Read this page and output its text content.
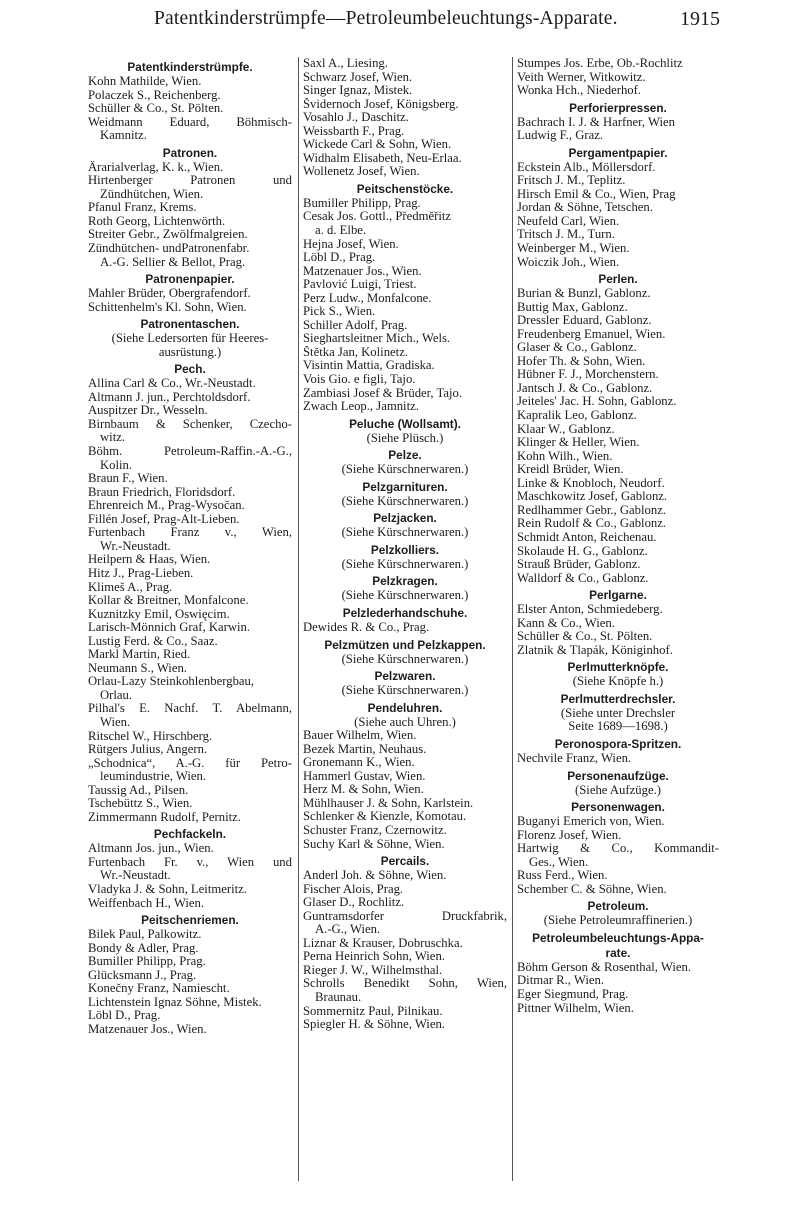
Patentkinderstrümpfe—Petroleumbeleuchtungs-Apparate.	1915
Patentkinderstrümpfe.
Kohn Mathilde, Wien.
Polaczek S., Reichenberg.
Schüller & Co., St. Pölten.
Weidmann Eduard, Böhmisch-
Kamnitz.
Patronen.
Ärarialverlag, K. k., Wien.
Hirtenberger Patronen und
Zündhütchen, Wien.
Pfanul Franz, Krems.
Roth Georg, Lichtenwörth.
Streiter Gebr., Zwölfmalgreien.
Zündhütchen- undPatronenfabr.
A.-G. Sellier & Bellot, Prag.
Patronenpapier.
Mahler Brüder, Obergrafendorf.
Schittenhelm's Kl. Sohn, Wien.
Patronentaschen.
(Siehe Ledersorten für Heeres-
ausrüstung.)
Pech.
Allina Carl & Co., Wr.-Neustadt.
Altmann J. jun., Perchtoldsdorf.
Auspitzer Dr., Wesseln.
Birnbaum & Schenker, Czecho-
witz.
Böhm. Petroleum-Raffin.-A.-G.,
Kolin.
Braun F., Wien.
Braun Friedrich, Floridsdorf.
Ehrenreich M., Prag-Wysočan.
Fillén Josef, Prag-Alt-Lieben.
Furtenbach Franz v., Wien,
Wr.-Neustadt.
Heilpern & Haas, Wien.
Hitz J., Prag-Lieben.
Klimeš A., Prag.
Kollar & Breitner, Monfalcone.
Kuznitzky Emil, Oswięcim.
Larisch-Mönnich Graf, Karwin.
Lustig Ferd. & Co., Saaz.
Markl Martin, Ried.
Neumann S., Wien.
Orlau-Lazy Steinkohlenbergbau,
Orlau.
Pilhal's E. Nachf. T. Abelmann,
Wien.
Ritschel W., Hirschberg.
Rütgers Julius, Angern.
„Schodnica“, A.-G. für Petro-
leumindustrie, Wien.
Taussig Ad., Pilsen.
Tschebüttz S., Wien.
Zimmermann Rudolf, Pernitz.
Pechfackeln.
Altmann Jos. jun., Wien.
Furtenbach Fr. v., Wien und
Wr.-Neustadt.
Vladyka J. & Sohn, Leitmeritz.
Weiffenbach H., Wien.
Peitschenriemen.
Bilek Paul, Palkowitz.
Bondy & Adler, Prag.
Bumiller Philipp, Prag.
Glücksmann J., Prag.
Konečny Franz, Namiescht.
Lichtenstein Ignaz Söhne, Mistek.
Löbl D., Prag.
Matzenauer Jos., Wien.
Saxl A., Liesing.
Schwarz Josef, Wien.
Singer Ignaz, Mistek.
Švidernoch Josef, Königsberg.
Vosahlo J., Daschitz.
Weissbarth F., Prag.
Wickede Carl & Sohn, Wien.
Widhalm Elisabeth, Neu-Erlaa.
Wollenetz Josef, Wien.
Peitschenstöcke.
Bumiller Philipp, Prag.
Cesak Jos. Gottl., Předměřitz
a. d. Elbe.
Hejna Josef, Wien.
Löbl D., Prag.
Matzenauer Jos., Wien.
Pavlović Luigi, Triest.
Perz Ludw., Monfalcone.
Pick S., Wien.
Schiller Adolf, Prag.
Sieghartsleitner Mich., Wels.
Štětka Jan, Kolinetz.
Visintin Mattia, Gradiska.
Vois Gio. e figli, Tajo.
Zambiasi Josef & Brüder, Tajo.
Zwach Leop., Jamnitz.
Peluche (Wollsamt).
(Siehe Plüsch.)
Pelze.
(Siehe Kürschnerwaren.)
Pelzgarnituren.
(Siehe Kürschnerwaren.)
Pelzjacken.
(Siehe Kürschnerwaren.)
Pelzkolliers.
(Siehe Kürschnerwaren.)
Pelzkragen.
(Siehe Kürschnerwaren.)
Pelzlederhandschuhe.
Dewides R. & Co., Prag.
Pelzmützen und Pelzkappen.
(Siehe Kürschnerwaren.)
Pelzwaren.
(Siehe Kürschnerwaren.)
Pendeluhren.
(Siehe auch Uhren.)
Bauer Wilhelm, Wien.
Bezek Martin, Neuhaus.
Gronemann K., Wien.
Hammerl Gustav, Wien.
Herz M. & Sohn, Wien.
Mühlhauser J. & Sohn, Karlstein.
Schlenker & Kienzle, Komotau.
Schuster Franz, Czernowitz.
Suchy Karl & Söhne, Wien.
Percails.
Anderl Joh. & Söhne, Wien.
Fischer Alois, Prag.
Glaser D., Rochlitz.
Guntramsdorfer Druckfabrik,
A.-G., Wien.
Liznar & Krauser, Dobruschka.
Perna Heinrich Sohn, Wien.
Rieger J. W., Wilhelmsthal.
Schrolls Benedikt Sohn, Wien,
Braunau.
Sommernitz Paul, Pilnikau.
Spiegler H. & Söhne, Wien.
Stumpes Jos. Erbe, Ob.-Rochlitz
Veith Werner, Witkowitz.
Wonka Hch., Niederhof.
Perforierpressen.
Bachrach I. J. & Harfner, Wien
Ludwig F., Graz.
Pergamentpapier.
Eckstein Alb., Möllersdorf.
Fritsch J. M., Teplitz.
Hirsch Emil & Co., Wien, Prag
Jordan & Söhne, Tetschen.
Neufeld Carl, Wien.
Tritsch J. M., Turn.
Weinberger M., Wien.
Woiczik Joh., Wien.
Perlen.
Burian & Bunzl, Gablonz.
Buttig Max, Gablonz.
Dressler Eduard, Gablonz.
Freudenberg Emanuel, Wien.
Glaser & Co., Gablonz.
Hofer Th. & Sohn, Wien.
Hübner F. J., Morchenstern.
Jantsch J. & Co., Gablonz.
Jeiteles' Jac. H. Sohn, Gablonz.
Kapralik Leo, Gablonz.
Klaar W., Gablonz.
Klinger & Heller, Wien.
Kohn Wilh., Wien.
Kreidl Brüder, Wien.
Linke & Knobloch, Neudorf.
Maschkowitz Josef, Gablonz.
Redlhammer Gebr., Gablonz.
Rein Rudolf & Co., Gablonz.
Schmidt Anton, Reichenau.
Skolaude H. G., Gablonz.
Strauß Brüder, Gablonz.
Walldorf & Co., Gablonz.
Perlgarne.
Elster Anton, Schmiedeberg.
Kann & Co., Wien.
Schüller & Co., St. Pölten.
Zlatnik & Tlapák, Königinhof.
Perlmutterknöpfe.
(Siehe Knöpfe h.)
Perlmutterdrechsler.
(Siehe unter Drechsler
Seite 1689—1698.)
Peronospora-Spritzen.
Nechvile Franz, Wien.
Personenaufzüge.
(Siehe Aufzüge.)
Personenwagen.
Buganyi Emerich von, Wien.
Florenz Josef, Wien.
Hartwig & Co., Kommandit-
Ges., Wien.
Russ Ferd., Wien.
Schember C. & Söhne, Wien.
Petroleum.
(Siehe Petroleumraffinerien.)
Petroleumbeleuchtungs-Appa-
rate.
Böhm Gerson & Rosenthal, Wien.
Ditmar R., Wien.
Eger Siegmund, Prag.
Pittner Wilhelm, Wien.
